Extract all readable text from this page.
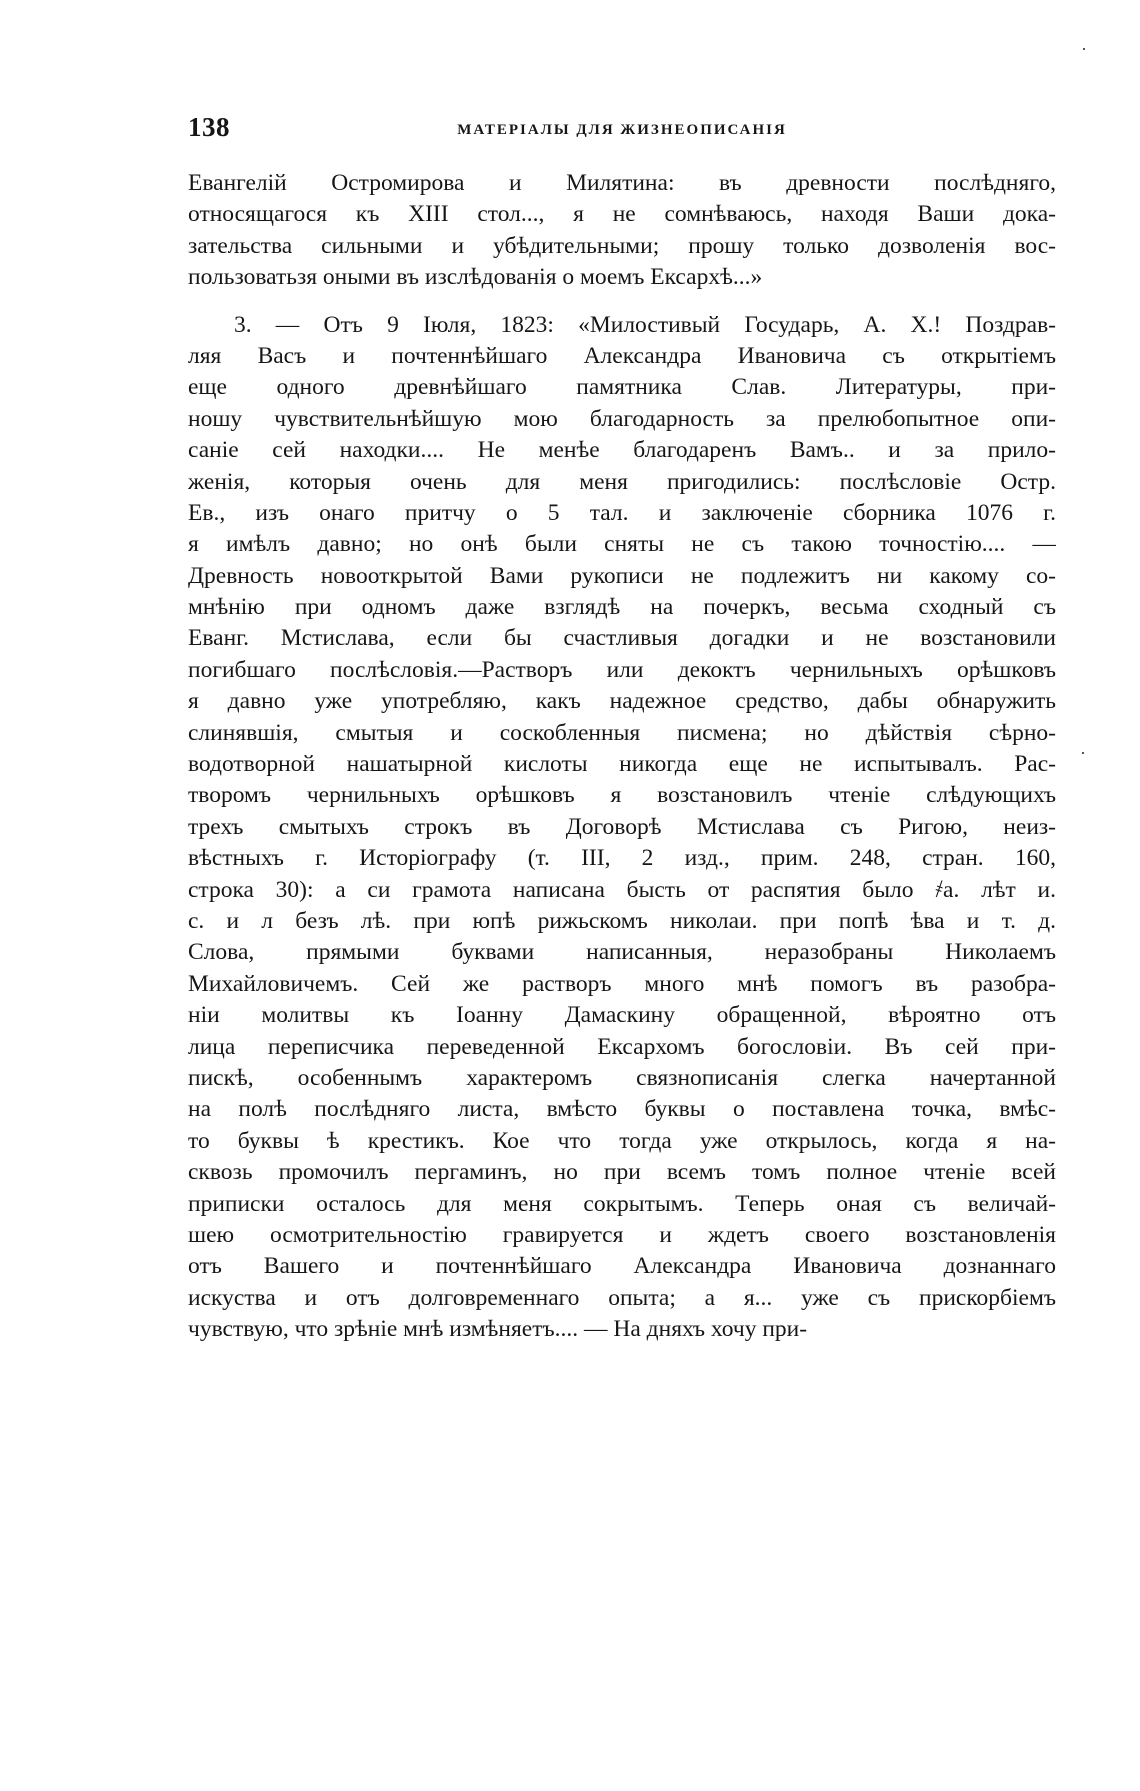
138	МАТЕРІАЛЫ ДЛЯ ЖИЗНЕОПИСАНІЯ
Евангелій Остромирова и Милятина: въ древности послѣдняго,
относящагося къ XIII стол..., я не сомнѣваюсь, находя Ваши дока-
зательства сильными и убѣдительными; прошу только дозволенія вос-
пользоватьзя оными въ изслѣдованія о моемъ Ексархѣ...»
3. — Отъ 9 Іюля, 1823: «Милостивый Государь, А. Х.! Поздрав-
ляя Васъ и почтеннѣйшаго Александра Ивановича съ открытіемъ
еще одного древнѣйшаго памятника Слав. Литературы, при-
ношу чувствительнѣйшую мою благодарность за прелюбопытное опи-
саніе сей находки.... Не менѣе благодаренъ Вамъ.. и за прило-
женія, которыя очень для меня пригодились: послѣсловіе Остр.
Ев., изъ онаго притчу о 5 тал. и заключеніе сборника 1076 г.
я имѣлъ давно; но онѣ были сняты не съ такою точностію.... —
Древность новооткрытой Вами рукописи не подлежитъ ни какому со-
мнѣнію при одномъ даже взглядѣ на почеркъ, весьма сходный съ
Еванг. Мстислава, если бы счастливыя догадки и не возстановили
погибшаго послѣсловія.—Растворъ или декоктъ чернильныхъ орѣшковъ
я давно уже употребляю, какъ надежное средство, дабы обнаружить
слинявшія, смытыя и соскобленныя писмена; но дѣйствія сѣрно-
водотворной нашатырной кислоты никогда еще не испытывалъ. Рас-
творомъ чернильныхъ орѣшковъ я возстановилъ чтеніе слѣдующихъ
трехъ смытыхъ строкъ въ Договорѣ Мстислава съ Ригою, неиз-
вѣстныхъ г. Исторіографу (т. III, 2 изд., прим. 248, стран. 160,
строка 30): а си грамота написана бысть от распятия было ҂а. лѣт и.
с. и л безъ лѣ. при юпѣ рижьскомъ николаи. при попѣ ѣва и т. д.
Слова, прямыми буквами написанныя, неразобраны Николаемъ
Михайловичемъ. Сей же растворъ много мнѣ помогъ въ разобра-
ніи молитвы къ Іоанну Дамаскину обращенной, вѣроятно отъ
лица переписчика переведенной Ексархомъ богословіи. Въ сей при-
пискѣ, особеннымъ характеромъ связнописанія слегка начертанной
на полѣ послѣдняго листа, вмѣсто буквы о поставлена точка, вмѣс-
то буквы ѣ крестикъ. Кое что тогда уже открылось, когда я на-
сквозь промочилъ пергаминъ, но при всемъ томъ полное чтеніе всей
приписки осталось для меня сокрытымъ. Теперь оная съ величай-
шею осмотрительностію гравируется и ждетъ своего возстановленія
отъ Вашего и почтеннѣйшаго Александра Ивановича дознаннаго
искуства и отъ долговременнаго опыта; а я... уже съ прискорбіемъ
чувствую, что зрѣніе мнѣ измѣняетъ.... — На дняхъ хочу при-
